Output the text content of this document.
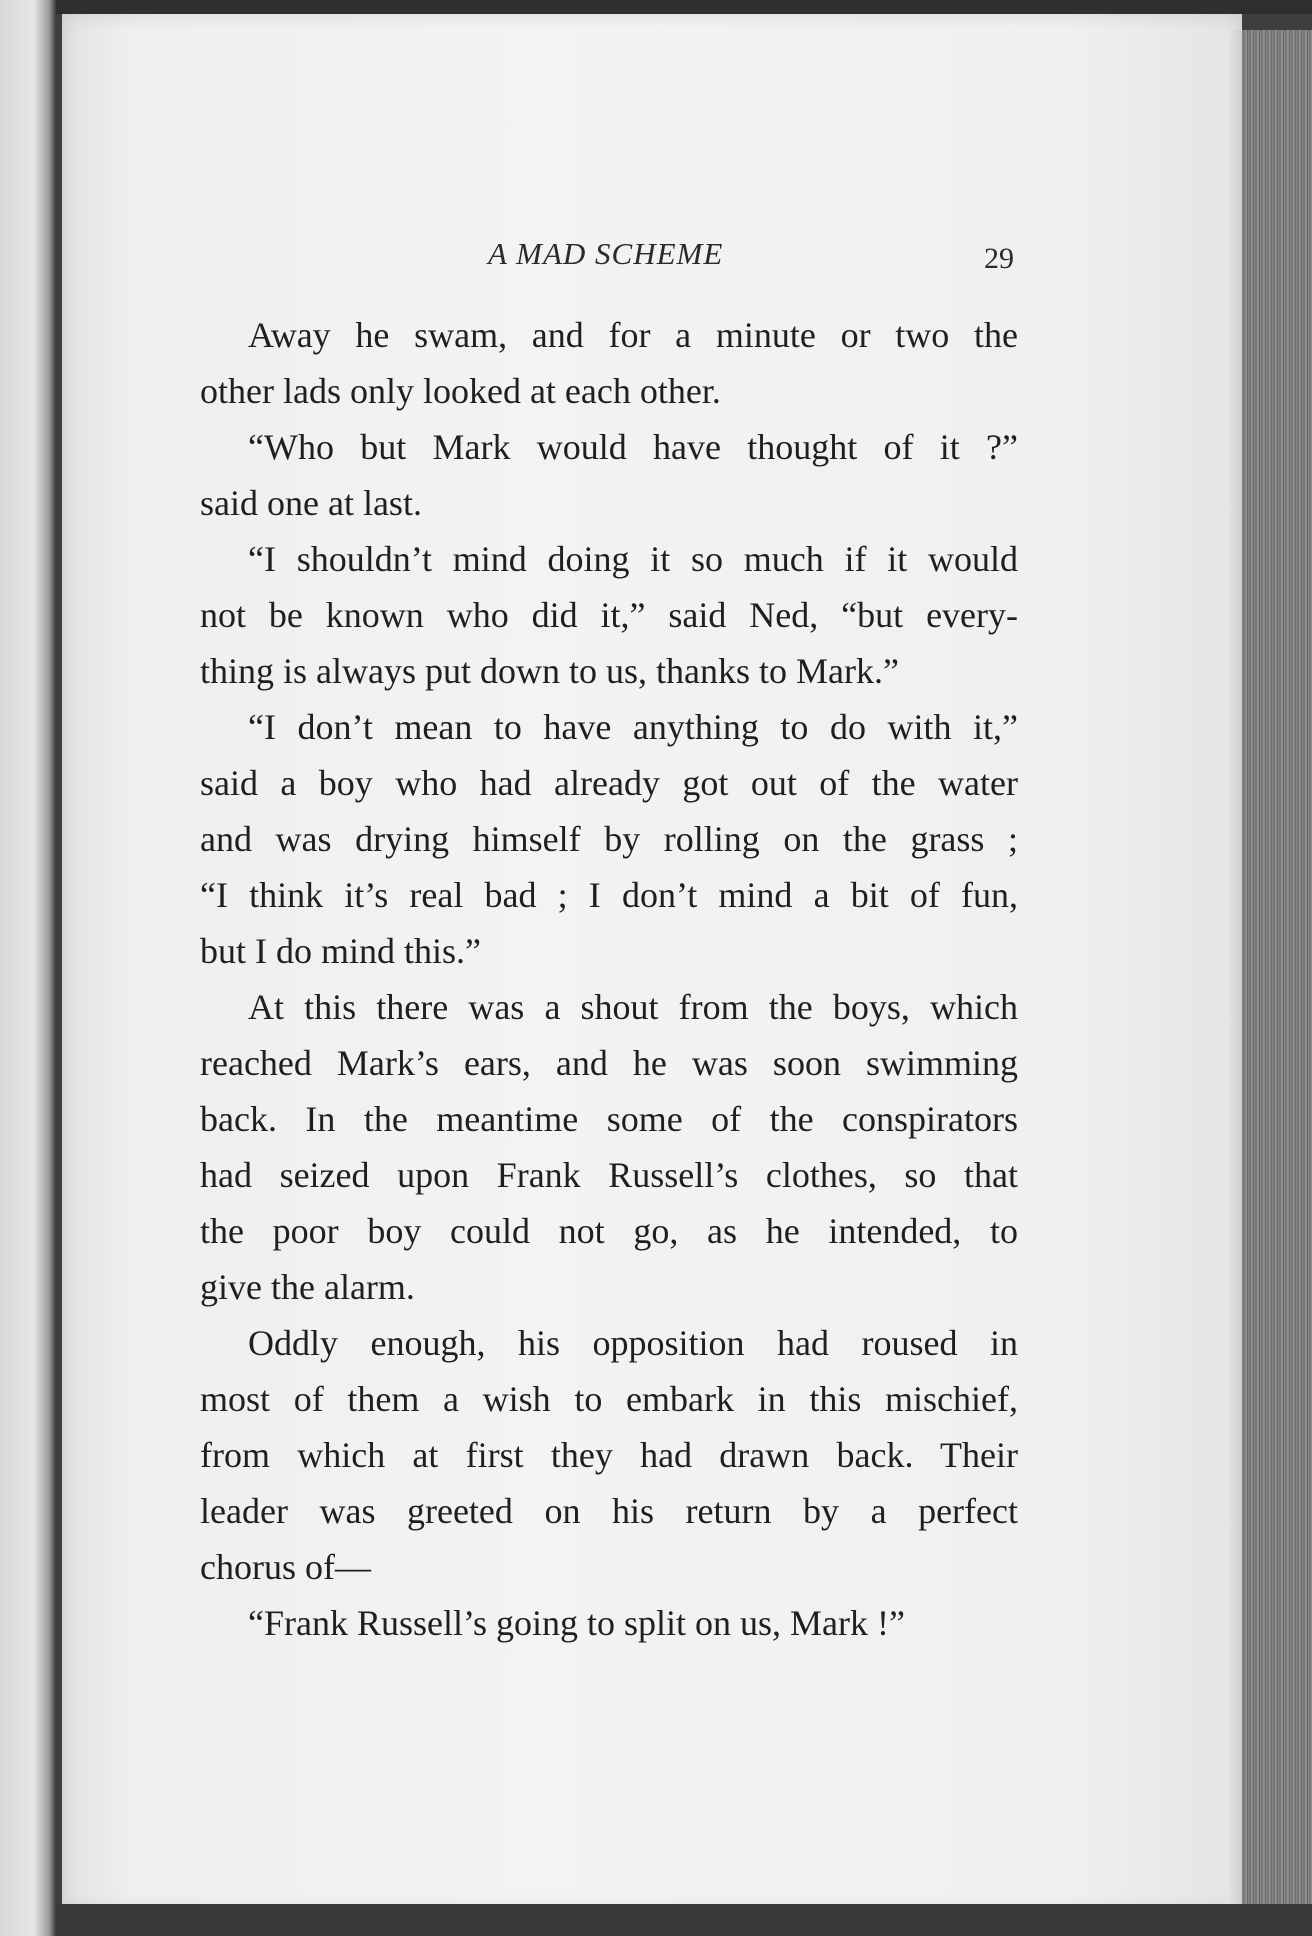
A MAD SCHEME	29
Away he swam, and for a minute or two the
other lads only looked at each other.
“Who but Mark would have thought of it ?”
said one at last.
“I shouldn’t mind doing it so much if it would
not be known who did it,” said Ned, “but every-
thing is always put down to us, thanks to Mark.”
“I don’t mean to have anything to do with it,”
said a boy who had already got out of the water
and was drying himself by rolling on the grass ;
“I think it’s real bad ; I don’t mind a bit of fun,
but I do mind this.”
At this there was a shout from the boys, which
reached Mark’s ears, and he was soon swimming
back. In the meantime some of the conspirators
had seized upon Frank Russell’s clothes, so that
the poor boy could not go, as he intended, to
give the alarm.
Oddly enough, his opposition had roused in
most of them a wish to embark in this mischief,
from which at first they had drawn back. Their
leader was greeted on his return by a perfect
chorus of—
“Frank Russell’s going to split on us, Mark !”
